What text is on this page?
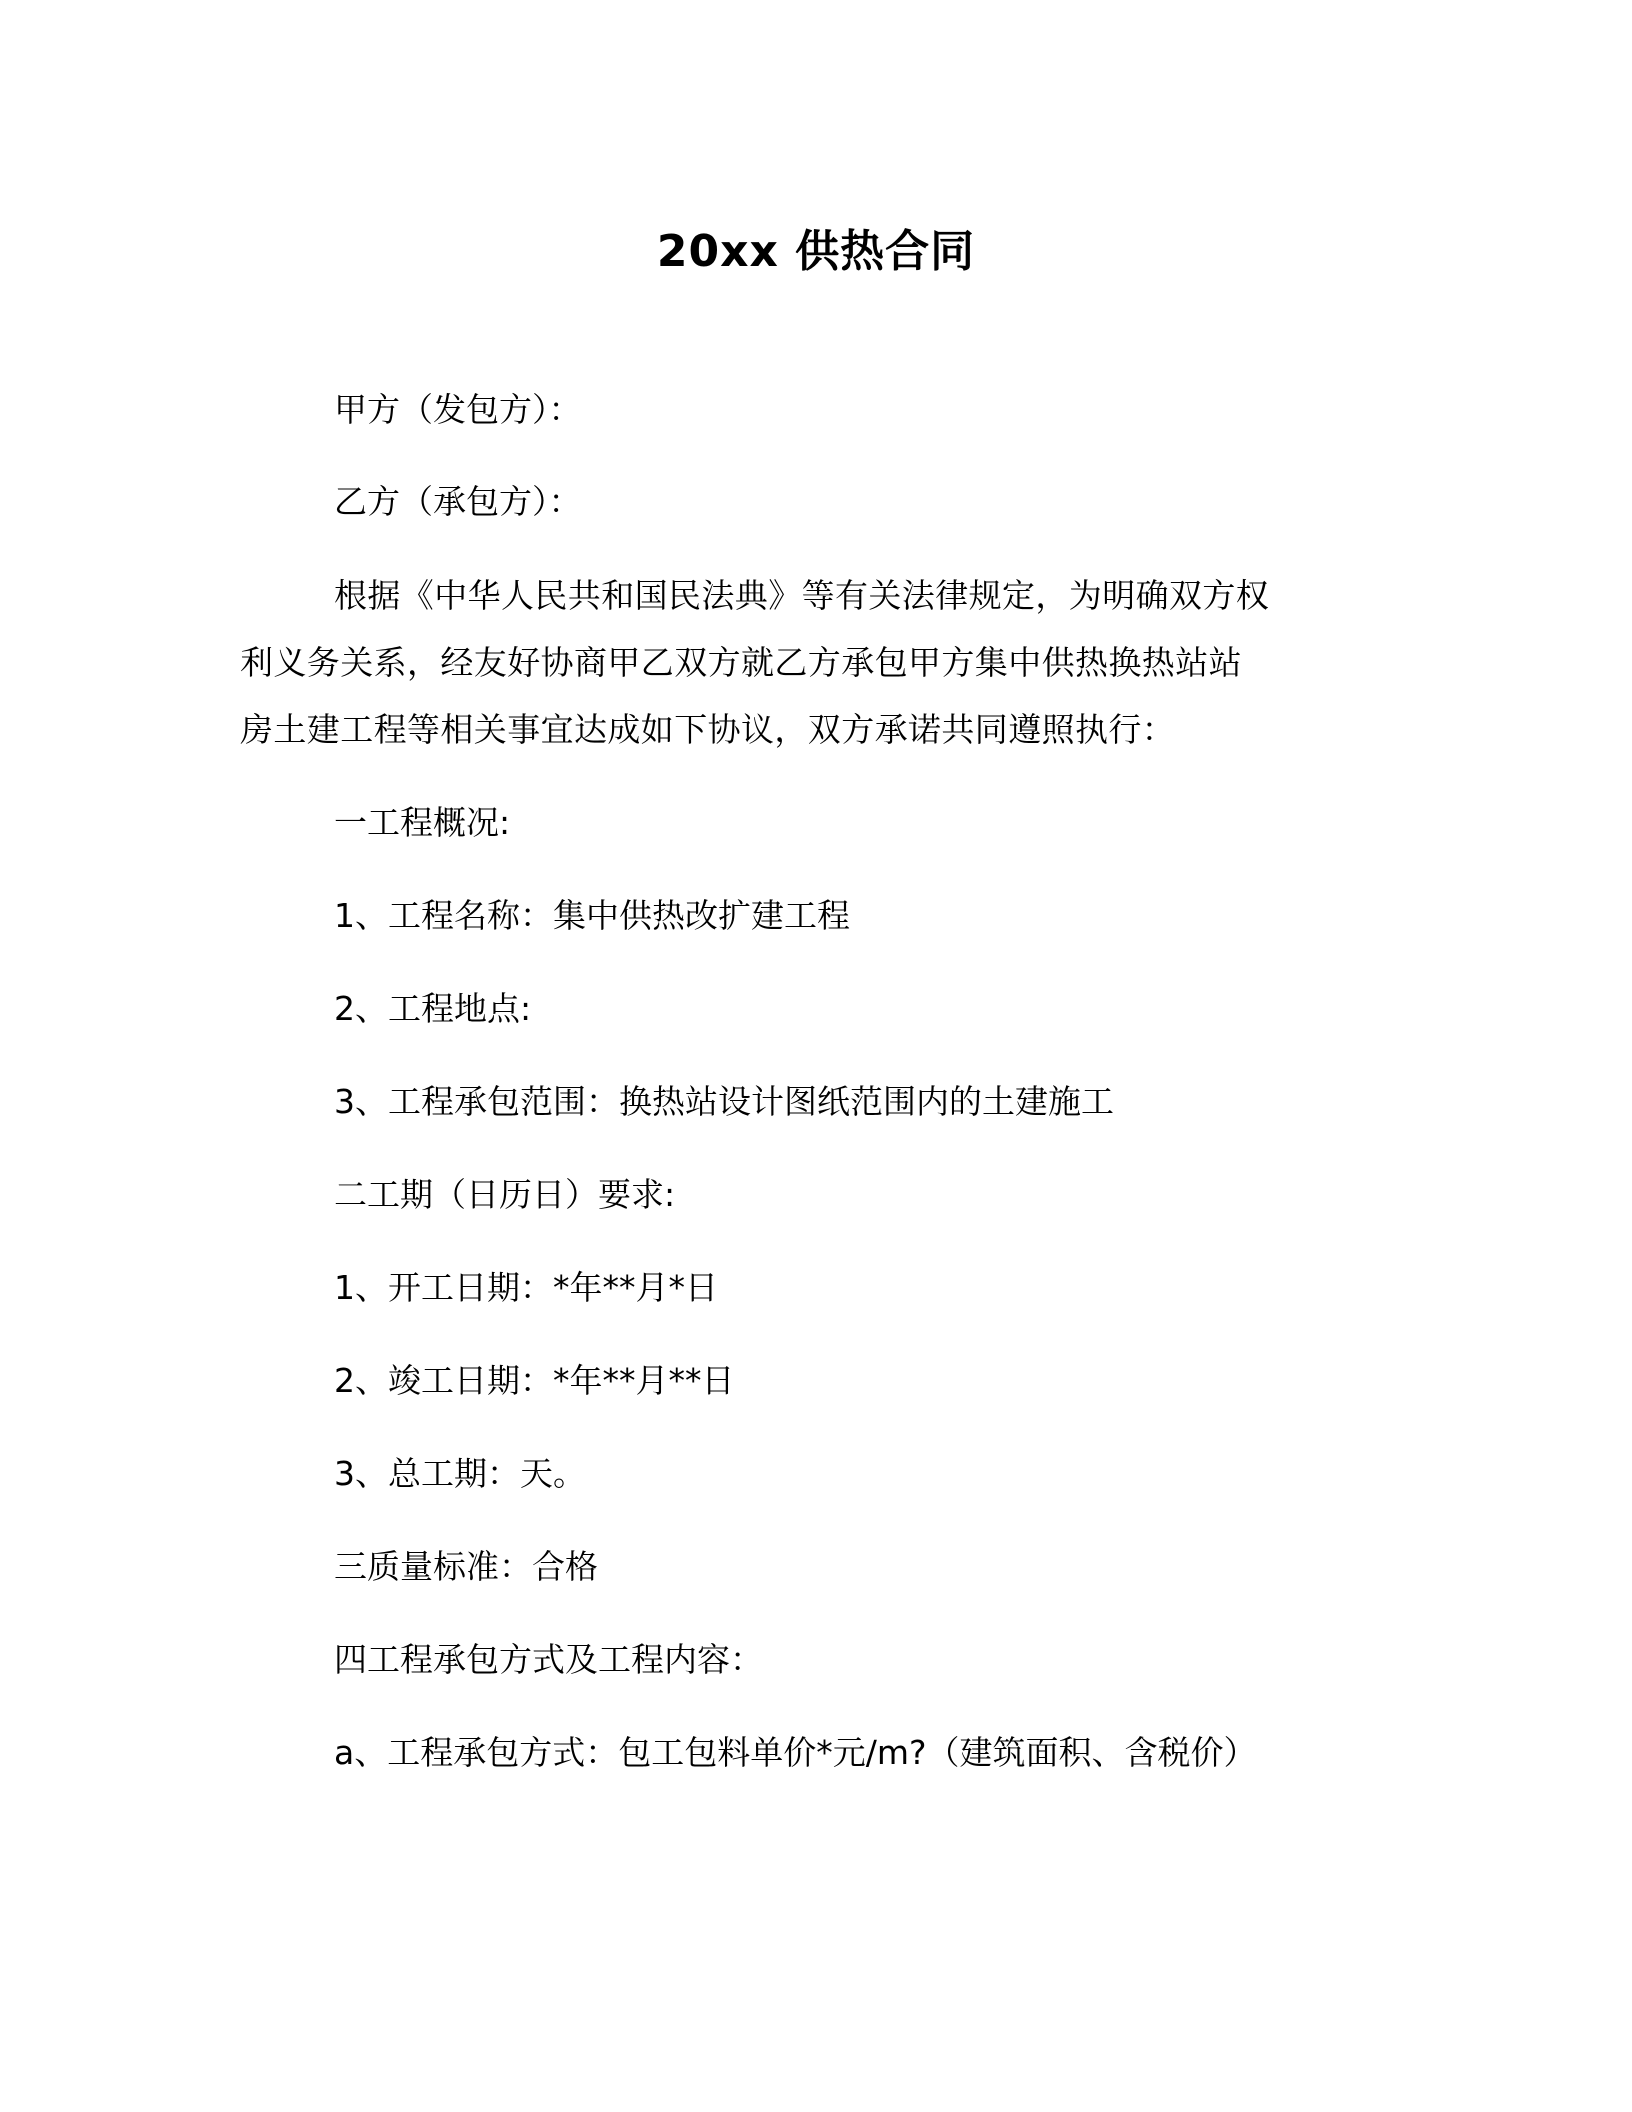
20xx 供热合同
甲方（发包方）：
乙方（承包方）：
根据《中华人民共和国民法典》等有关法律规定，为明确双方权
利义务关系，经友好协商甲乙双方就乙方承包甲方集中供热换热站站
房土建工程等相关事宜达成如下协议，双方承诺共同遵照执行：
一工程概况:
1、工程名称：集中供热改扩建工程
2、工程地点:
3、工程承包范围：换热站设计图纸范围内的土建施工
二工期（日历日）要求:
1、开工日期：*年**月*日
2、竣工日期：*年**月**日
3、总工期：天。
三质量标准：合格
四工程承包方式及工程内容：
a、工程承包方式：包工包料单价*元/m?（建筑面积、含税价）
